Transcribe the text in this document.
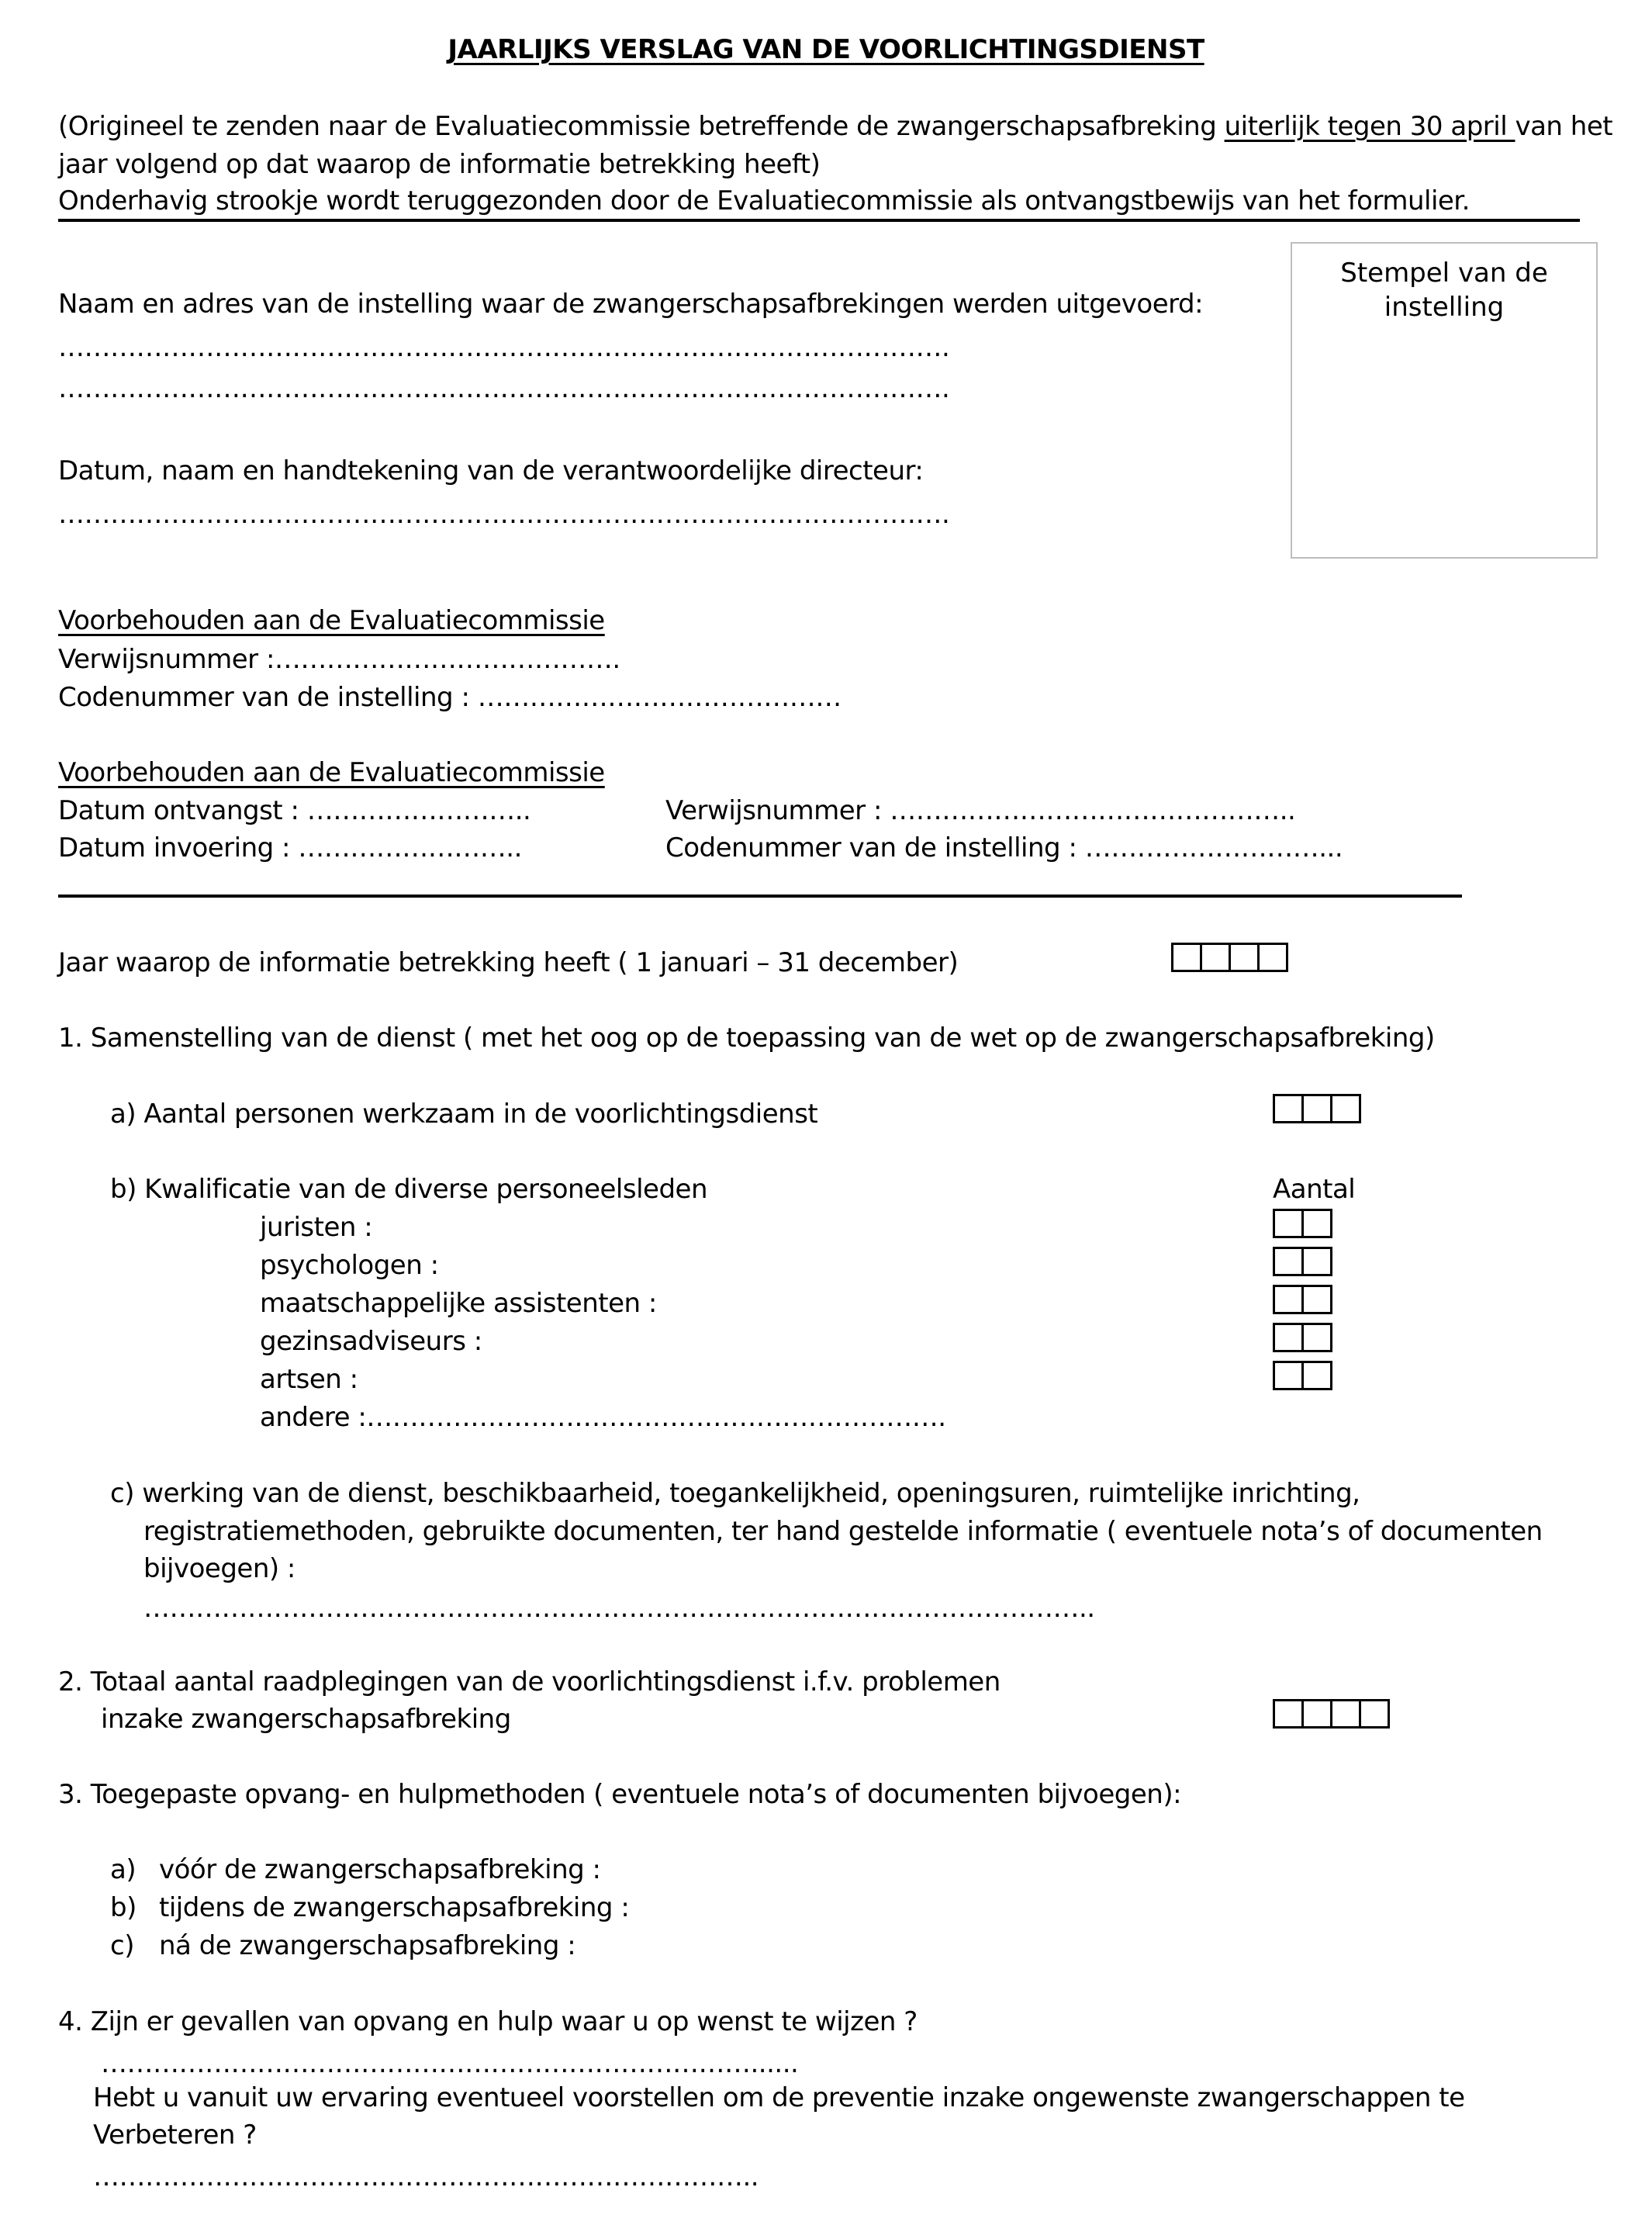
JAARLIJKS VERSLAG VAN DE VOORLICHTINGSDIENST
(Origineel te zenden naar de Evaluatiecommissie betreffende de zwangerschapsafbreking uiterlijk tegen 30 april van het
jaar volgend op dat waarop de informatie betrekking heeft)
Onderhavig strookje wordt teruggezonden door de Evaluatiecommissie als ontvangstbewijs van het formulier.
Stempel van de instelling
Naam en adres van de instelling waar de zwangerschapsafbrekingen werden uitgevoerd:
………………………………………………………………………………………….
………………………………………………………………………………………….
Datum, naam en handtekening van de verantwoordelijke directeur:
………………………………………………………………………………………….
Voorbehouden aan de Evaluatiecommissie
Verwijsnummer :………………………………….
Codenummer van de instelling : ……………………………………
Voorbehouden aan de Evaluatiecommissie
Datum ontvangst : ……………………..
Datum invoering : ……………………..
Verwijsnummer : ………………………………………..
Codenummer van de instelling : ………………………...
Jaar waarop de informatie betrekking heeft ( 1 januari – 31 december)
1. Samenstelling van de dienst ( met het oog op de toepassing van de wet op de zwangerschapsafbreking)
a) Aantal personen werkzaam in de voorlichtingsdienst
b) Kwalificatie van de diverse personeelsleden	Aantal
juristen :
psychologen :
maatschappelijke assistenten :
gezinsadviseurs :
artsen :
andere :………………………………………………………….
c) werking van de dienst, beschikbaarheid, toegankelijkheid, openingsuren, ruimtelijke inrichting,
registratiemethoden, gebruikte documenten, ter hand gestelde informatie ( eventuele nota’s of documenten
bijvoegen) :
………………………………………………………………………………………………..
2. Totaal aantal raadplegingen van de voorlichtingsdienst i.f.v. problemen
inzake zwangerschapsafbreking
3. Toegepaste opvang- en hulpmethoden ( eventuele nota’s of documenten bijvoegen):
a) vóór de zwangerschapsafbreking :
b) tijdens de zwangerschapsafbreking :
c) ná de zwangerschapsafbreking :
4. Zijn er gevallen van opvang en hulp waar u op wenst te wijzen ?
…………………………………………………………………......
Hebt u vanuit uw ervaring eventueel voorstellen om de preventie inzake ongewenste zwangerschappen te
Verbeteren ?
…………………………………………………………………..
